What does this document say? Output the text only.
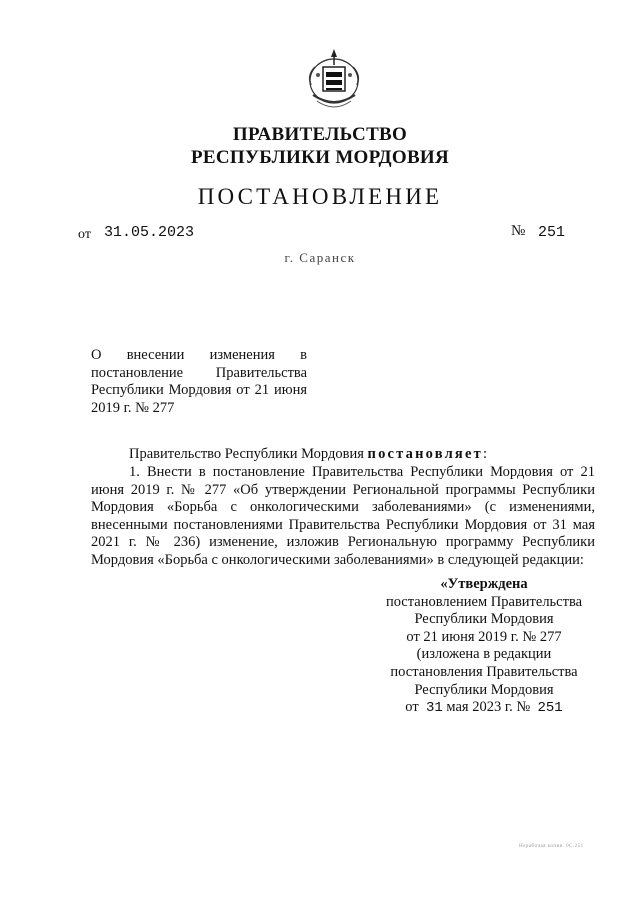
ПРАВИТЕЛЬСТВО
РЕСПУБЛИКИ МОРДОВИЯ
ПОСТАНОВЛЕНИЕ
от 31.05.2023	№ 251
г. Саранск
О внесении изменения в
постановление Правительства Республики Мордовия от 21 июня 2019 г. № 277
Правительство Республики Мордовия постановляет:
1. Внести в постановление Правительства Республики Мордовия от 21 июня 2019 г. № 277 «Об утверждении Региональной программы Республики Мордовия «Борьба с онкологическими заболеваниями» (с изменениями, внесенными постановлениями Правительства Республики Мордовия от 31 мая 2021 г. № 236) изменение, изложив Региональную программу Республики Мордовия «Борьба с онкологическими заболеваниями» в следующей редакции:
«Утверждена
постановлением Правительства
Республики Мордовия
от 21 июня 2019 г. № 277
(изложена в редакции
постановления Правительства
Республики Мордовия
от 31 мая 2023 г. № 251
Нерабочая копия. 0С.251
